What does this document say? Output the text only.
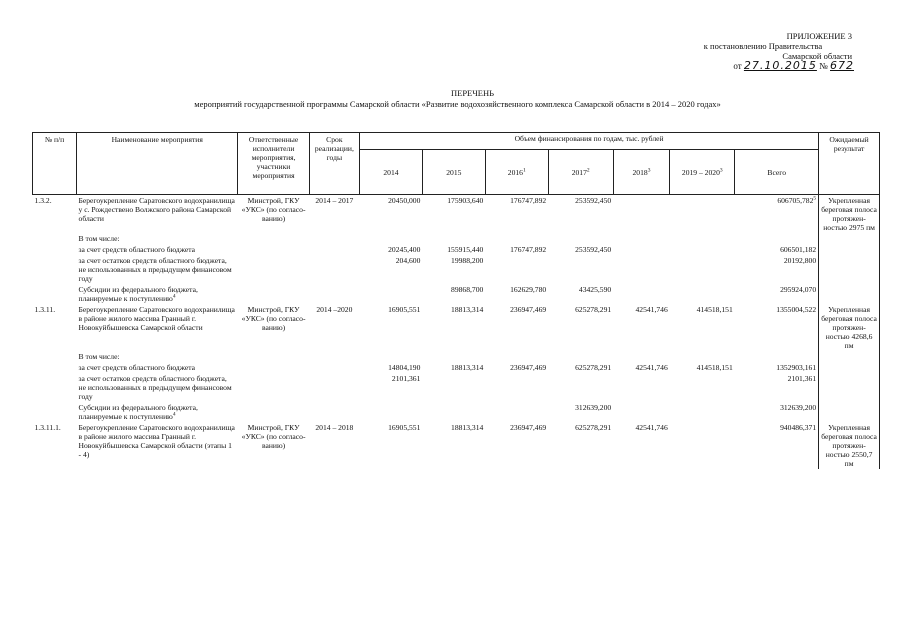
ПРИЛОЖЕНИЕ 3
к постановлению Правительства
Самарской области
от 27.10.2015 № 672
ПЕРЕЧЕНЬ
мероприятий государственной программы Самарской области «Развитие водохозяйственного комплекса Самарской области в 2014 – 2020 годах»
№ п/п	Наименование мероприятия	Ответственные исполнители мероприятия, участники мероприятия	Срок реализации, годы	Объем финансирования по годам, тыс. рублей							Ожидаемый результат
				2014	2015	2016$^1$	2017$^2$	2018$^3$	2019 – 2020$^3$	Всего	
1.3.2.	Берегоукрепление Саратовского водохранилища у с. Рождествено Волжского района Самарской области	Минстрой, ГКУ «УКС» (по согласо-ванию)	2014 – 2017	20450,000	175903,640	176747,892	253592,450			606705,782$^5$	Укрепленная береговая полоса протяжен-ностью 2975 пм
	В том числе:										
	за счет средств областного бюджета			20245,400	155915,440	176747,892	253592,450			606501,182	
	за счет остатков средств областного бюджета, не использованных в предыдущем финансовом году			204,600	19988,200					20192,800	
	Субсидии из федерального бюджета, планируемые к поступлению$^4$				89868,700	162629,780	43425,590			295924,070	
1.3.11.	Берегоукрепление Саратовского водохранилища в районе жилого массива Гранный г. Новокуйбышевска Самарской области	Минстрой, ГКУ «УКС» (по согласо-ванию)	2014 –2020	16905,551	18813,314	236947,469	625278,291	42541,746	414518,151	1355004,522	Укрепленная береговая полоса протяжен-ностью 4268,6 пм
	В том числе:										
	за счет средств областного бюджета			14804,190	18813,314	236947,469	625278,291	42541,746	414518,151	1352903,161	
	за счет остатков средств областного бюджета, не использованных в предыдущем финансовом году			2101,361						2101,361	
	Субсидии из федерального бюджета, планируемые к поступлению$^4$						312639,200			312639,200	
1.3.11.1.	Берегоукрепление Саратовского водохранилища в районе жилого массива Гранный г. Новокуйбышевска Самарской области (этапы 1 - 4)	Минстрой, ГКУ «УКС» (по согласо-ванию)	2014 – 2018	16905,551	18813,314	236947,469	625278,291	42541,746		940486,371	Укрепленная береговая полоса протяжен-ностью 2550,7 пм
